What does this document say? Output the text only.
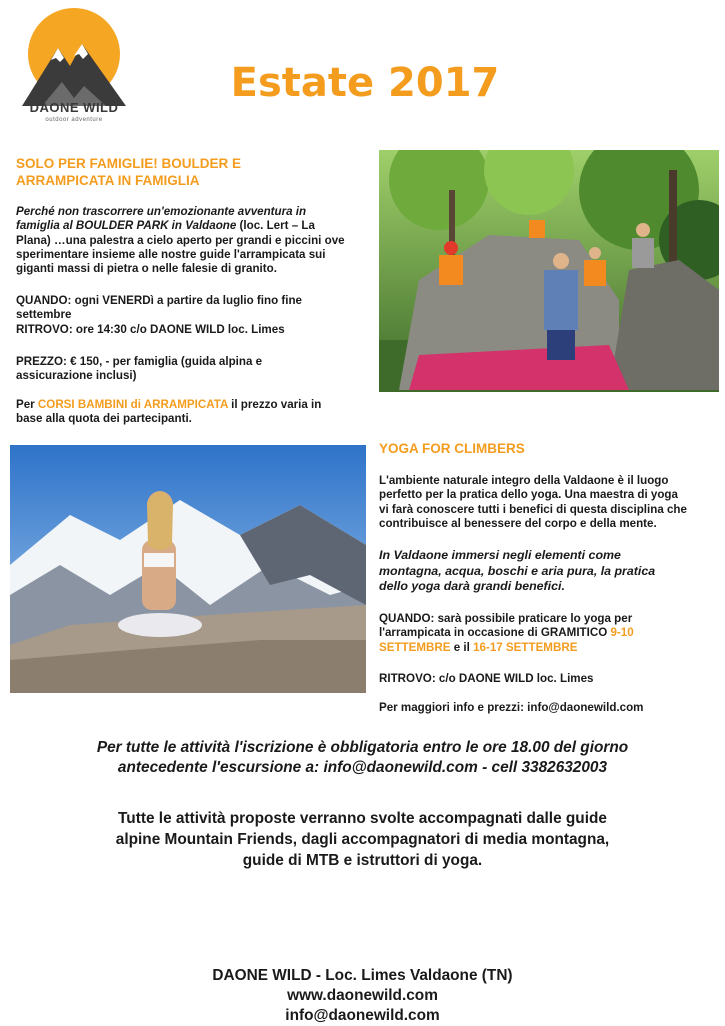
DAONE WILD
outdoor adventure
Estate 2017
SOLO PER FAMIGLIE! BOULDER E
ARRAMPICATA IN FAMIGLIA
Perché non trascorrere un'emozionante avventura in
famiglia al BOULDER PARK in Valdaone (loc. Lert – La
Plana) …una palestra a cielo aperto per grandi e piccini ove
sperimentare insieme alle nostre guide l'arrampicata sui
giganti massi di pietra o nelle falesie di granito.
QUANDO: ogni VENERDì a partire da luglio fino fine
settembre
RITROVO: ore 14:30 c/o DAONE WILD loc. Limes
PREZZO: € 150, - per famiglia (guida alpina e
assicurazione inclusi)
Per CORSI BAMBINI di ARRAMPICATA il prezzo varia in
base alla quota dei partecipanti.
YOGA FOR CLIMBERS
L'ambiente naturale integro della Valdaone è il luogo
perfetto per la pratica dello yoga. Una maestra di yoga
vi farà conoscere tutti i benefici di questa disciplina che
contribuisce al benessere del corpo e della mente.
In Valdaone immersi negli elementi come
montagna, acqua, boschi e aria pura, la pratica
dello yoga darà grandi benefici.
QUANDO: sarà possibile praticare lo yoga per
l'arrampicata in occasione di GRAMITICO 9-10
SETTEMBRE e il 16-17 SETTEMBRE
RITROVO: c/o DAONE WILD loc. Limes
Per maggiori info e prezzi: info@daonewild.com
Per tutte le attività l'iscrizione è obbligatoria entro le ore 18.00 del giorno
antecedente l'escursione a: info@daonewild.com - cell 3382632003
Tutte le attività proposte verranno svolte accompagnati dalle guide
alpine Mountain Friends, dagli accompagnatori di media montagna,
guide di MTB e istruttori di yoga.
DAONE WILD - Loc. Limes Valdaone (TN)
www.daonewild.com
info@daonewild.com
